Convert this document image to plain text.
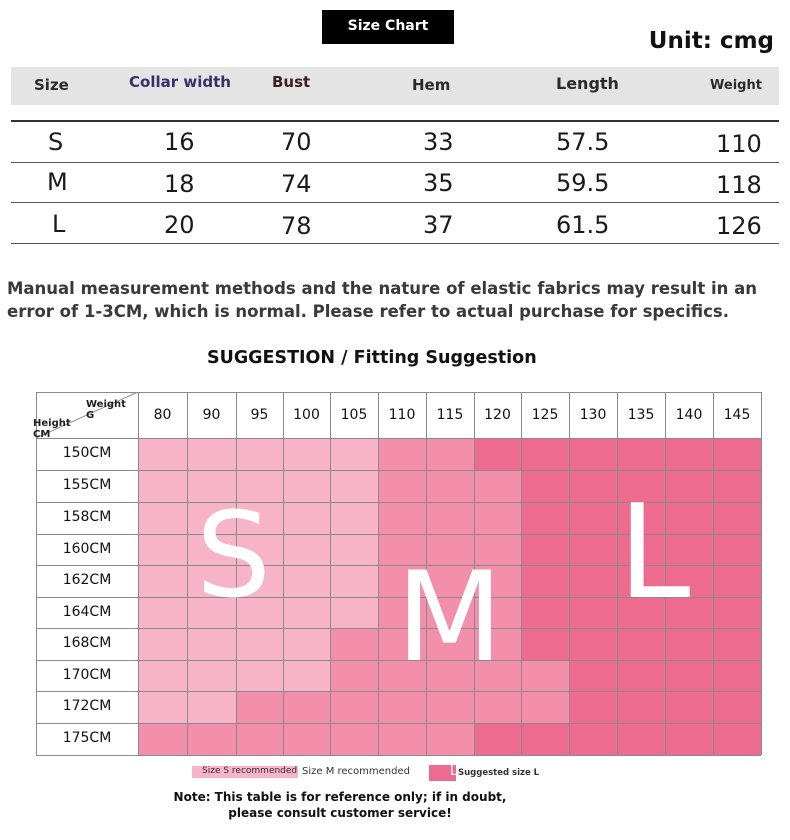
Size Chart
Unit: cmg
Size	Collar width	Bust	Hem	Length	Weight
S	16	70	33	57.5	110
M	18	74	35	59.5	118
L	20	78	37	61.5	126
Manual measurement methods and the nature of elastic fabrics may result in an error of 1-3CM, which is normal. Please refer to actual purchase for specifics.
SUGGESTION / Fitting Suggestion
80	90	95	100	105	110	115	120	125	130	135	140	145
150CM
155CM
158CM
160CM
162CM
164CM
168CM
170CM
172CM
175CM
Weight G
Height CM
S M L
Size S recommended Size M recommended	L Suggested size L
Note: This table is for reference only; if in doubt, please consult customer service!
